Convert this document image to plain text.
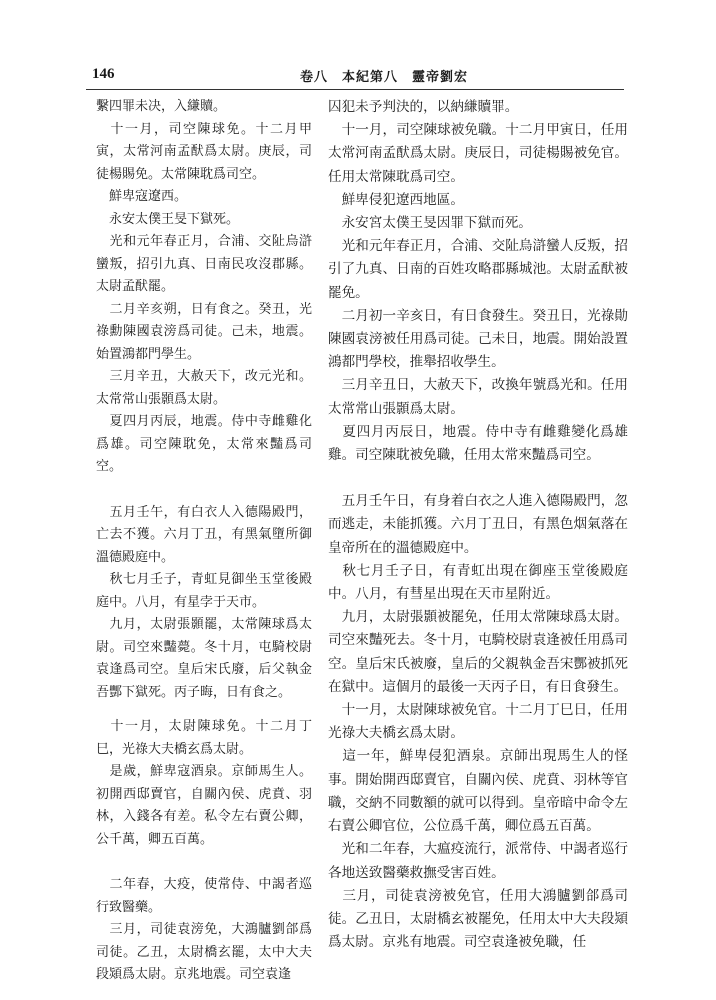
146	卷八　本紀第八　靈帝劉宏

繫四罪未决，入縑贖。

　十一月，司空陳球免。十二月甲寅，太常河南孟䣭爲太尉。庚辰，司徒楊賜免。太常陳耽爲司空。

　鮮卑寇遼西。

　永安太僕王旻下獄死。

　光和元年春正月，合浦、交阯烏滸蠻叛，招引九真、日南民攻沒郡縣。太尉孟䣭罷。

　二月辛亥朔，日有食之。癸丑，光祿勳陳國袁滂爲司徒。己未，地震。始置鴻都門學生。

　三月辛丑，大赦天下，改元光和。太常常山張顥爲太尉。

　夏四月丙辰，地震。侍中寺雌雞化爲雄。司空陳耽免，太常來豔爲司空。

　五月壬午，有白衣人入德陽殿門，亡去不獲。六月丁丑，有黑氣墮所御溫德殿庭中。

　秋七月壬子，青虹見御坐玉堂後殿庭中。八月，有星孛于天市。

　九月，太尉張顥罷，太常陳球爲太尉。司空來豔薨。冬十月，屯騎校尉袁逢爲司空。皇后宋氏廢，后父執金吾酆下獄死。丙子晦，日有食之。

　十一月，太尉陳球免。十二月丁巳，光祿大夫橋玄爲太尉。

　是歲，鮮卑寇酒泉。京師馬生人。初開西邸賣官，自關內侯、虎賁、羽林，入錢各有差。私令左右賣公卿，公千萬，卿五百萬。

　二年春，大疫，使常侍、中謁者巡行致醫藥。

　三月，司徒袁滂免，大鴻臚劉郃爲司徒。乙丑，太尉橋玄罷，太中大夫段熲爲太尉。京兆地震。司空袁逢

囚犯未予判決的，以納縑贖罪。

　十一月，司空陳球被免職。十二月甲寅日，任用太常河南孟䣭爲太尉。庚辰日，司徒楊賜被免官。任用太常陳耽爲司空。

　鮮卑侵犯遼西地區。

　永安宮太僕王旻因罪下獄而死。

　光和元年春正月，合浦、交阯烏滸蠻人反叛，招引了九真、日南的百姓攻略郡縣城池。太尉孟䣭被罷免。

　二月初一辛亥日，有日食發生。癸丑日，光祿勛陳國袁滂被任用爲司徒。己未日，地震。開始設置鴻都門學校，推舉招收學生。

　三月辛丑日，大赦天下，改換年號爲光和。任用太常常山張顥爲太尉。

　夏四月丙辰日，地震。侍中寺有雌雞變化爲雄雞。司空陳耽被免職，任用太常來豔爲司空。

　五月壬午日，有身着白衣之人進入德陽殿門，忽而逃走，未能抓獲。六月丁丑日，有黑色烟氣落在皇帝所在的溫德殿庭中。

　秋七月壬子日，有青虹出現在御座玉堂後殿庭中。八月，有彗星出現在天市星附近。

　九月，太尉張顥被罷免，任用太常陳球爲太尉。司空來豔死去。冬十月，屯騎校尉袁逢被任用爲司空。皇后宋氏被廢，皇后的父親執金吾宋酆被抓死在獄中。這個月的最後一天丙子日，有日食發生。

　十一月，太尉陳球被免官。十二月丁巳日，任用光祿大夫橋玄爲太尉。

　這一年，鮮卑侵犯酒泉。京師出現馬生人的怪事。開始開西邸賣官，自關內侯、虎賁、羽林等官職，交納不同數額的就可以得到。皇帝暗中命令左右賣公卿官位，公位爲千萬，卿位爲五百萬。

　光和二年春，大瘟疫流行，派常侍、中謁者巡行各地送致醫藥救撫受害百姓。

　三月，司徒袁滂被免官，任用大鴻臚劉郃爲司徒。乙丑日，太尉橋玄被罷免，任用太中大夫段熲爲太尉。京兆有地震。司空袁逢被免職，任
